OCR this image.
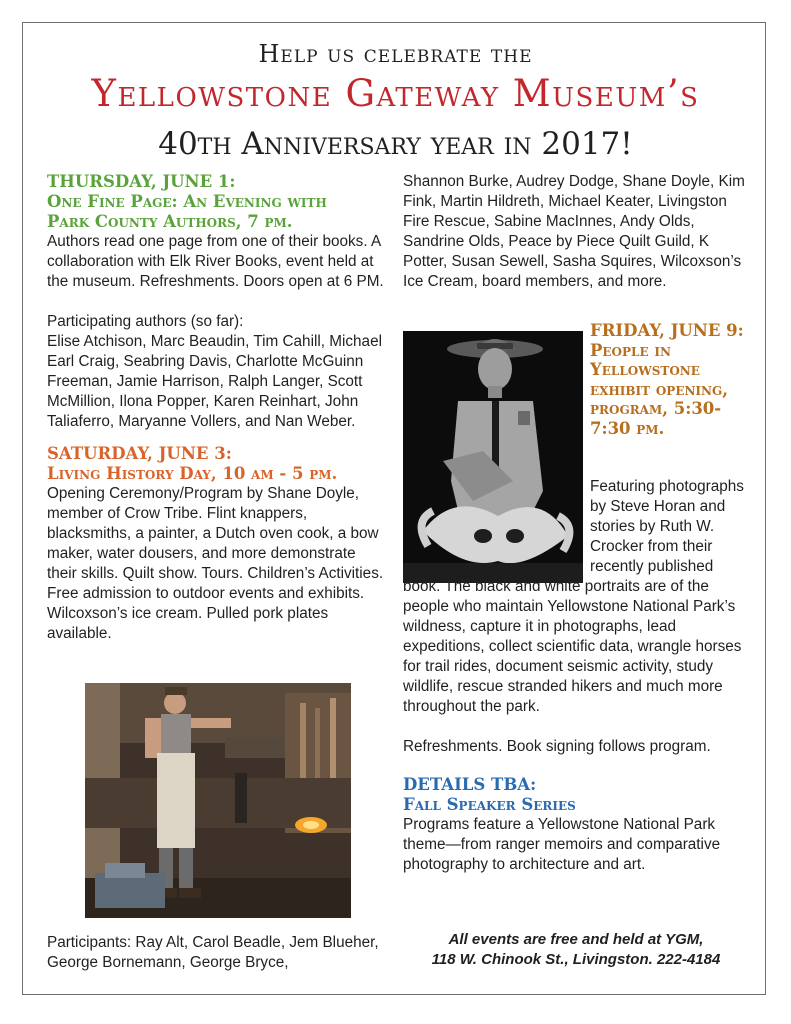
Help us celebrate the
Yellowstone Gateway Museum’s
40th Anniversary year in 2017!
THURSDAY, JUNE 1:
One Fine Page: An Evening with
Park County Authors, 7 pm.

Authors read one page from one of their books. A collaboration with Elk River Books, event held at the museum. Refreshments. Doors open at 6 PM.

Participating authors (so far):

Elise Atchison, Marc Beaudin, Tim Cahill, Michael Earl Craig, Seabring Davis, Charlotte McGuinn Freeman, Jamie Harrison, Ralph Langer, Scott McMillion, Ilona Popper, Karen Reinhart, John Taliaferro, Maryanne Vollers, and Nan Weber.

SATURDAY, JUNE 3:
Living History Day, 10 am - 5 pm.

Opening Ceremony/Program by Shane Doyle, member of Crow Tribe. Flint knappers, blacksmiths, a painter, a Dutch oven cook, a bow maker, water dousers, and more demonstrate their skills. Quilt show. Tours. Children’s Activities. Free admission to outdoor events and exhibits. Wilcoxson’s ice cream. Pulled pork plates available.

Participants: Ray Alt, Carol Beadle, Jem Blueher, George Bornemann, George Bryce,

Shannon Burke, Audrey Dodge, Shane Doyle, Kim Fink, Martin Hildreth, Michael Keater, Livingston Fire Rescue, Sabine MacInnes, Andy Olds, Sandrine Olds, Peace by Piece Quilt Guild, K Potter, Susan Sewell, Sasha Squires, Wilcoxson’s Ice Cream, board members, and more.

FRIDAY, JUNE 9: People in Yellowstone exhibit opening, program, 5:30-7:30 pm.
Featuring photographs by Steve Horan and stories by Ruth W. Crocker from their recently published

book. The black and white portraits are of the people who maintain Yellowstone National Park’s wildness, capture it in photographs, lead expeditions, collect scientific data, wrangle horses for trail rides, document seismic activity, study wildlife, rescue stranded hikers and much more throughout the park.

Refreshments. Book signing follows program.

DETAILS TBA:
Fall Speaker Series

Programs feature a Yellowstone National Park theme—from ranger memoirs and comparative photography to architecture and art.

All events are free and held at YGM,
118 W. Chinook St., Livingston. 222-4184
